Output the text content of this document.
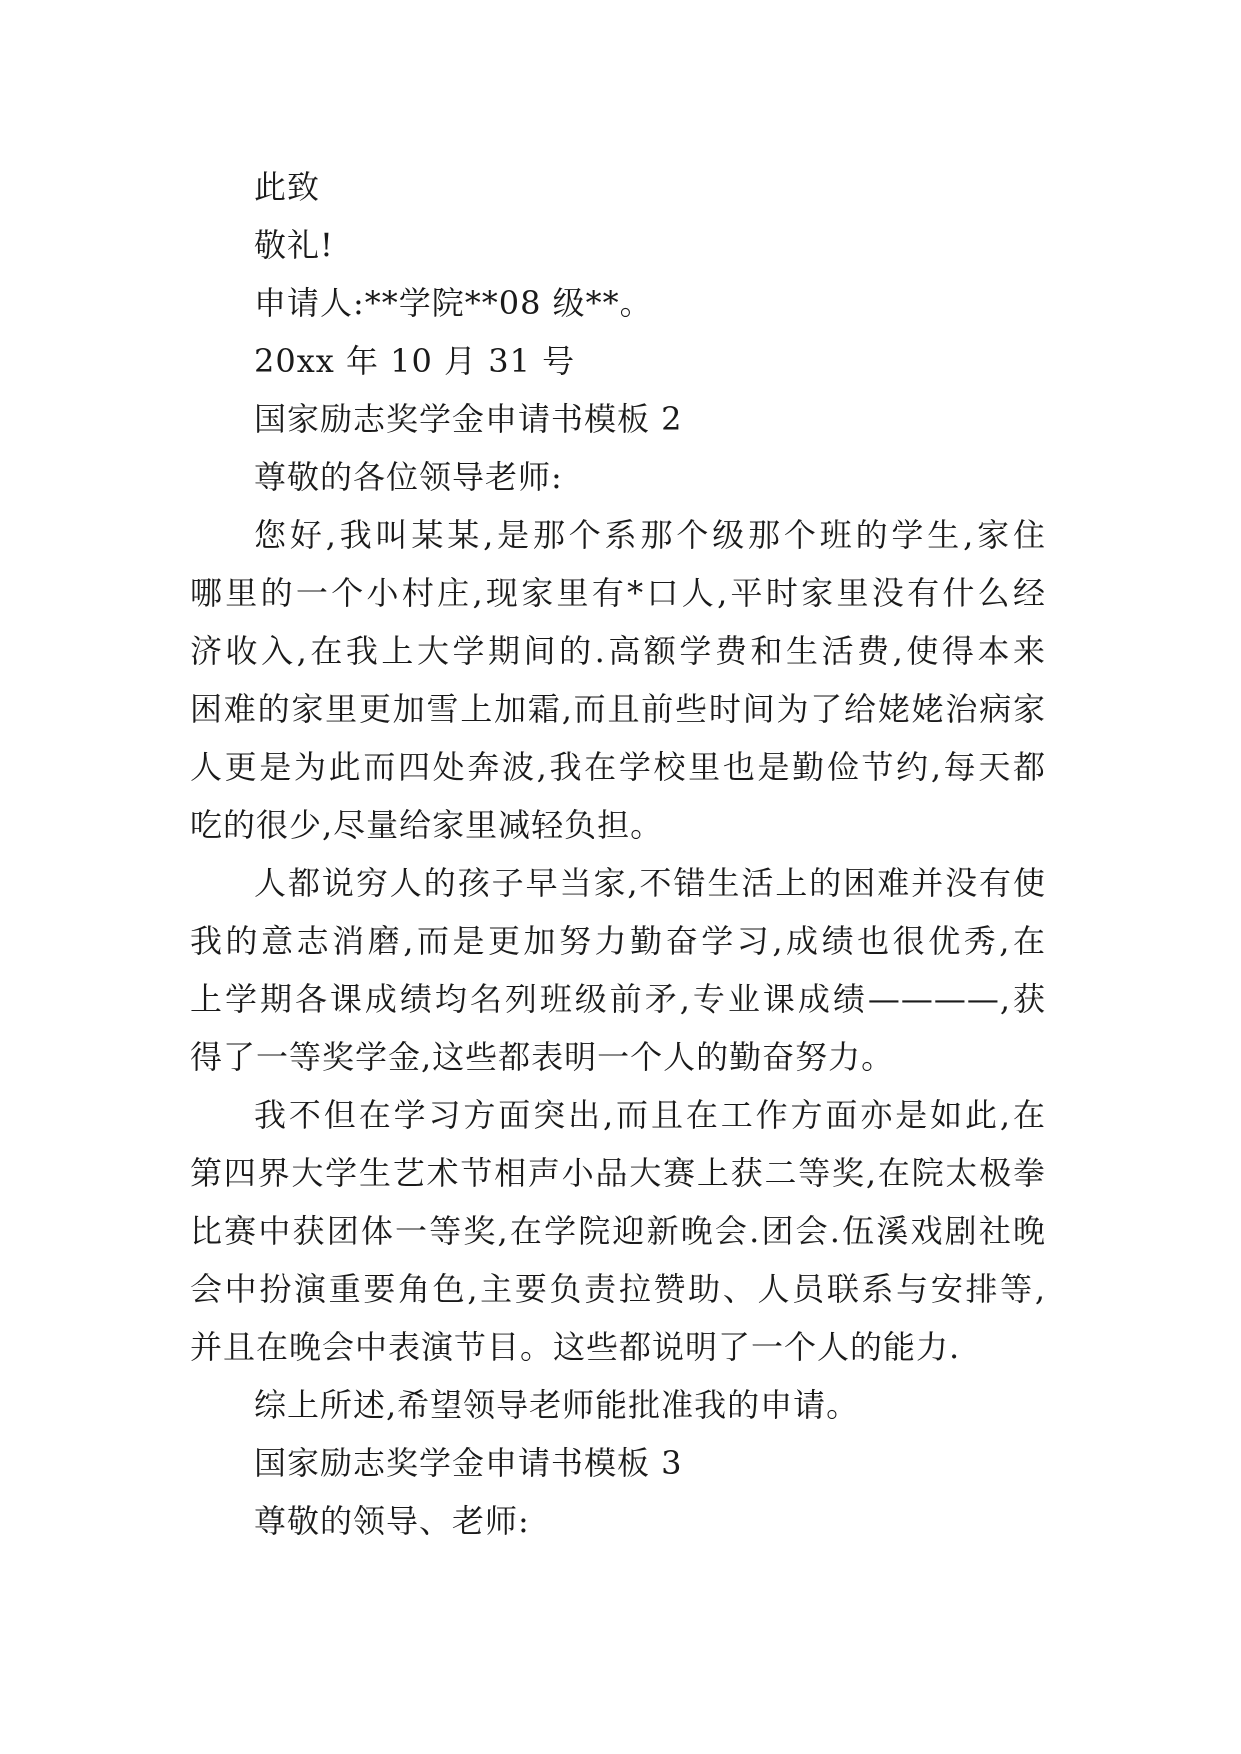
此致
敬礼!
申请人:**学院**08 级**。
20xx 年 10 月 31 号
国家励志奖学金申请书模板 2
尊敬的各位领导老师:
您好,我叫某某,是那个系那个级那个班的学生,家住
哪里的一个小村庄,现家里有*口人,平时家里没有什么经
济收入,在我上大学期间的.高额学费和生活费,使得本来
困难的家里更加雪上加霜,而且前些时间为了给姥姥治病家
人更是为此而四处奔波,我在学校里也是勤俭节约,每天都
吃的很少,尽量给家里减轻负担。
人都说穷人的孩子早当家,不错生活上的困难并没有使
我的意志消磨,而是更加努力勤奋学习,成绩也很优秀,在
上学期各课成绩均名列班级前矛,专业课成绩————,获
得了一等奖学金,这些都表明一个人的勤奋努力。
我不但在学习方面突出,而且在工作方面亦是如此,在
第四界大学生艺术节相声小品大赛上获二等奖,在院太极拳
比赛中获团体一等奖,在学院迎新晚会.团会.伍溪戏剧社晚
会中扮演重要角色,主要负责拉赞助、人员联系与安排等,
并且在晚会中表演节目。这些都说明了一个人的能力.
综上所述,希望领导老师能批准我的申请。
国家励志奖学金申请书模板 3
尊敬的领导、老师:
